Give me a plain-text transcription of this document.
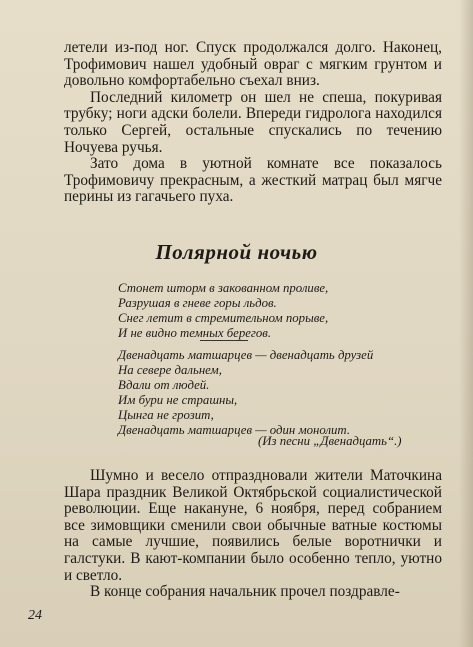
летели из-под ног. Спуск продолжался долго. Наконец, Трофимович нашел удобный овраг с мягким грунтом и довольно комфортабельно съехал вниз.

Последний километр он шел не спеша, покуривая трубку; ноги адски болели. Впереди гидролога находился только Сергей, остальные спускались по течению Ночуева ручья.

Зато дома в уютной комнате все показалось Трофимовичу прекрасным, а жесткий матрац был мягче перины из гагачьего пуха.

Полярной ночью
Стонет шторм в закованном проливе,
Разрушая в гневе горы льдов.
Снег летит в стремительном порыве,
И не видно темных берегов.
Двенадцать матшарцев — двенадцать друзей
На севере дальнем,
Вдали от людей.
Им бури не страшны,
Цынга не грозит,
Двенадцать матшарцев — один монолит.
(Из песни „Двенадцать“.)

Шумно и весело отпраздновали жители Маточкина Шара праздник Великой Октябрьской социалистической революции. Еще накануне, 6 ноября, перед собранием все зимовщики сменили свои обычные ватные костюмы на самые лучшие, появились белые воротнички и галстуки. В кают-компании было особенно тепло, уютно и светло.

В конце собрания начальник прочел поздравле-

24
